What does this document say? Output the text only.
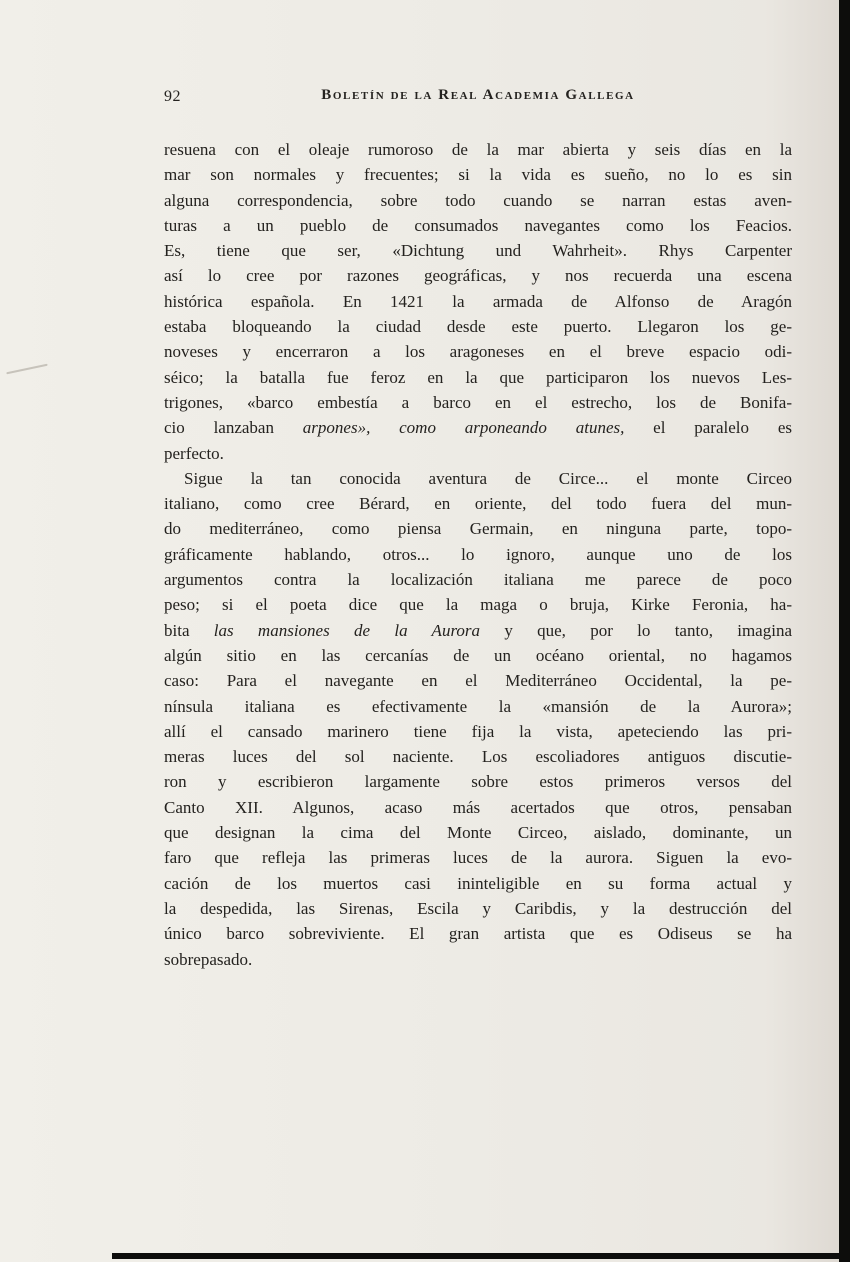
92	Boletín de la Real Academia Gallega

resuena con el oleaje rumoroso de la mar abierta y seis días en la
mar son normales y frecuentes; si la vida es sueño, no lo es sin
alguna correspondencia, sobre todo cuando se narran estas aven-
turas a un pueblo de consumados navegantes como los Feacios.
Es, tiene que ser, «Dichtung und Wahrheit». Rhys Carpenter
así lo cree por razones geográficas, y nos recuerda una escena
histórica española. En 1421 la armada de Alfonso de Aragón
estaba bloqueando la ciudad desde este puerto. Llegaron los ge-
noveses y encerraron a los aragoneses en el breve espacio odi-
séico; la batalla fue feroz en la que participaron los nuevos Les-
trigones, «barco embestía a barco en el estrecho, los de Bonifa-
cio lanzaban arpones», como arponeando atunes, el paralelo es
perfecto.

Sigue la tan conocida aventura de Circe... el monte Circeo
italiano, como cree Bérard, en oriente, del todo fuera del mun-
do mediterráneo, como piensa Germain, en ninguna parte, topo-
gráficamente hablando, otros... lo ignoro, aunque uno de los
argumentos contra la localización italiana me parece de poco
peso; si el poeta dice que la maga o bruja, Kirke Feronia, ha-
bita las mansiones de la Aurora y que, por lo tanto, imagina
algún sitio en las cercanías de un océano oriental, no hagamos
caso: Para el navegante en el Mediterráneo Occidental, la pe-
nínsula italiana es efectivamente la «mansión de la Aurora»;
allí el cansado marinero tiene fija la vista, apeteciendo las pri-
meras luces del sol naciente. Los escoliadores antiguos discutie-
ron y escribieron largamente sobre estos primeros versos del
Canto XII. Algunos, acaso más acertados que otros, pensaban
que designan la cima del Monte Circeo, aislado, dominante, un
faro que refleja las primeras luces de la aurora. Siguen la evo-
cación de los muertos casi ininteligible en su forma actual y
la despedida, las Sirenas, Escila y Caribdis, y la destrucción del
único barco sobreviviente. El gran artista que es Odiseus se ha
sobrepasado.
